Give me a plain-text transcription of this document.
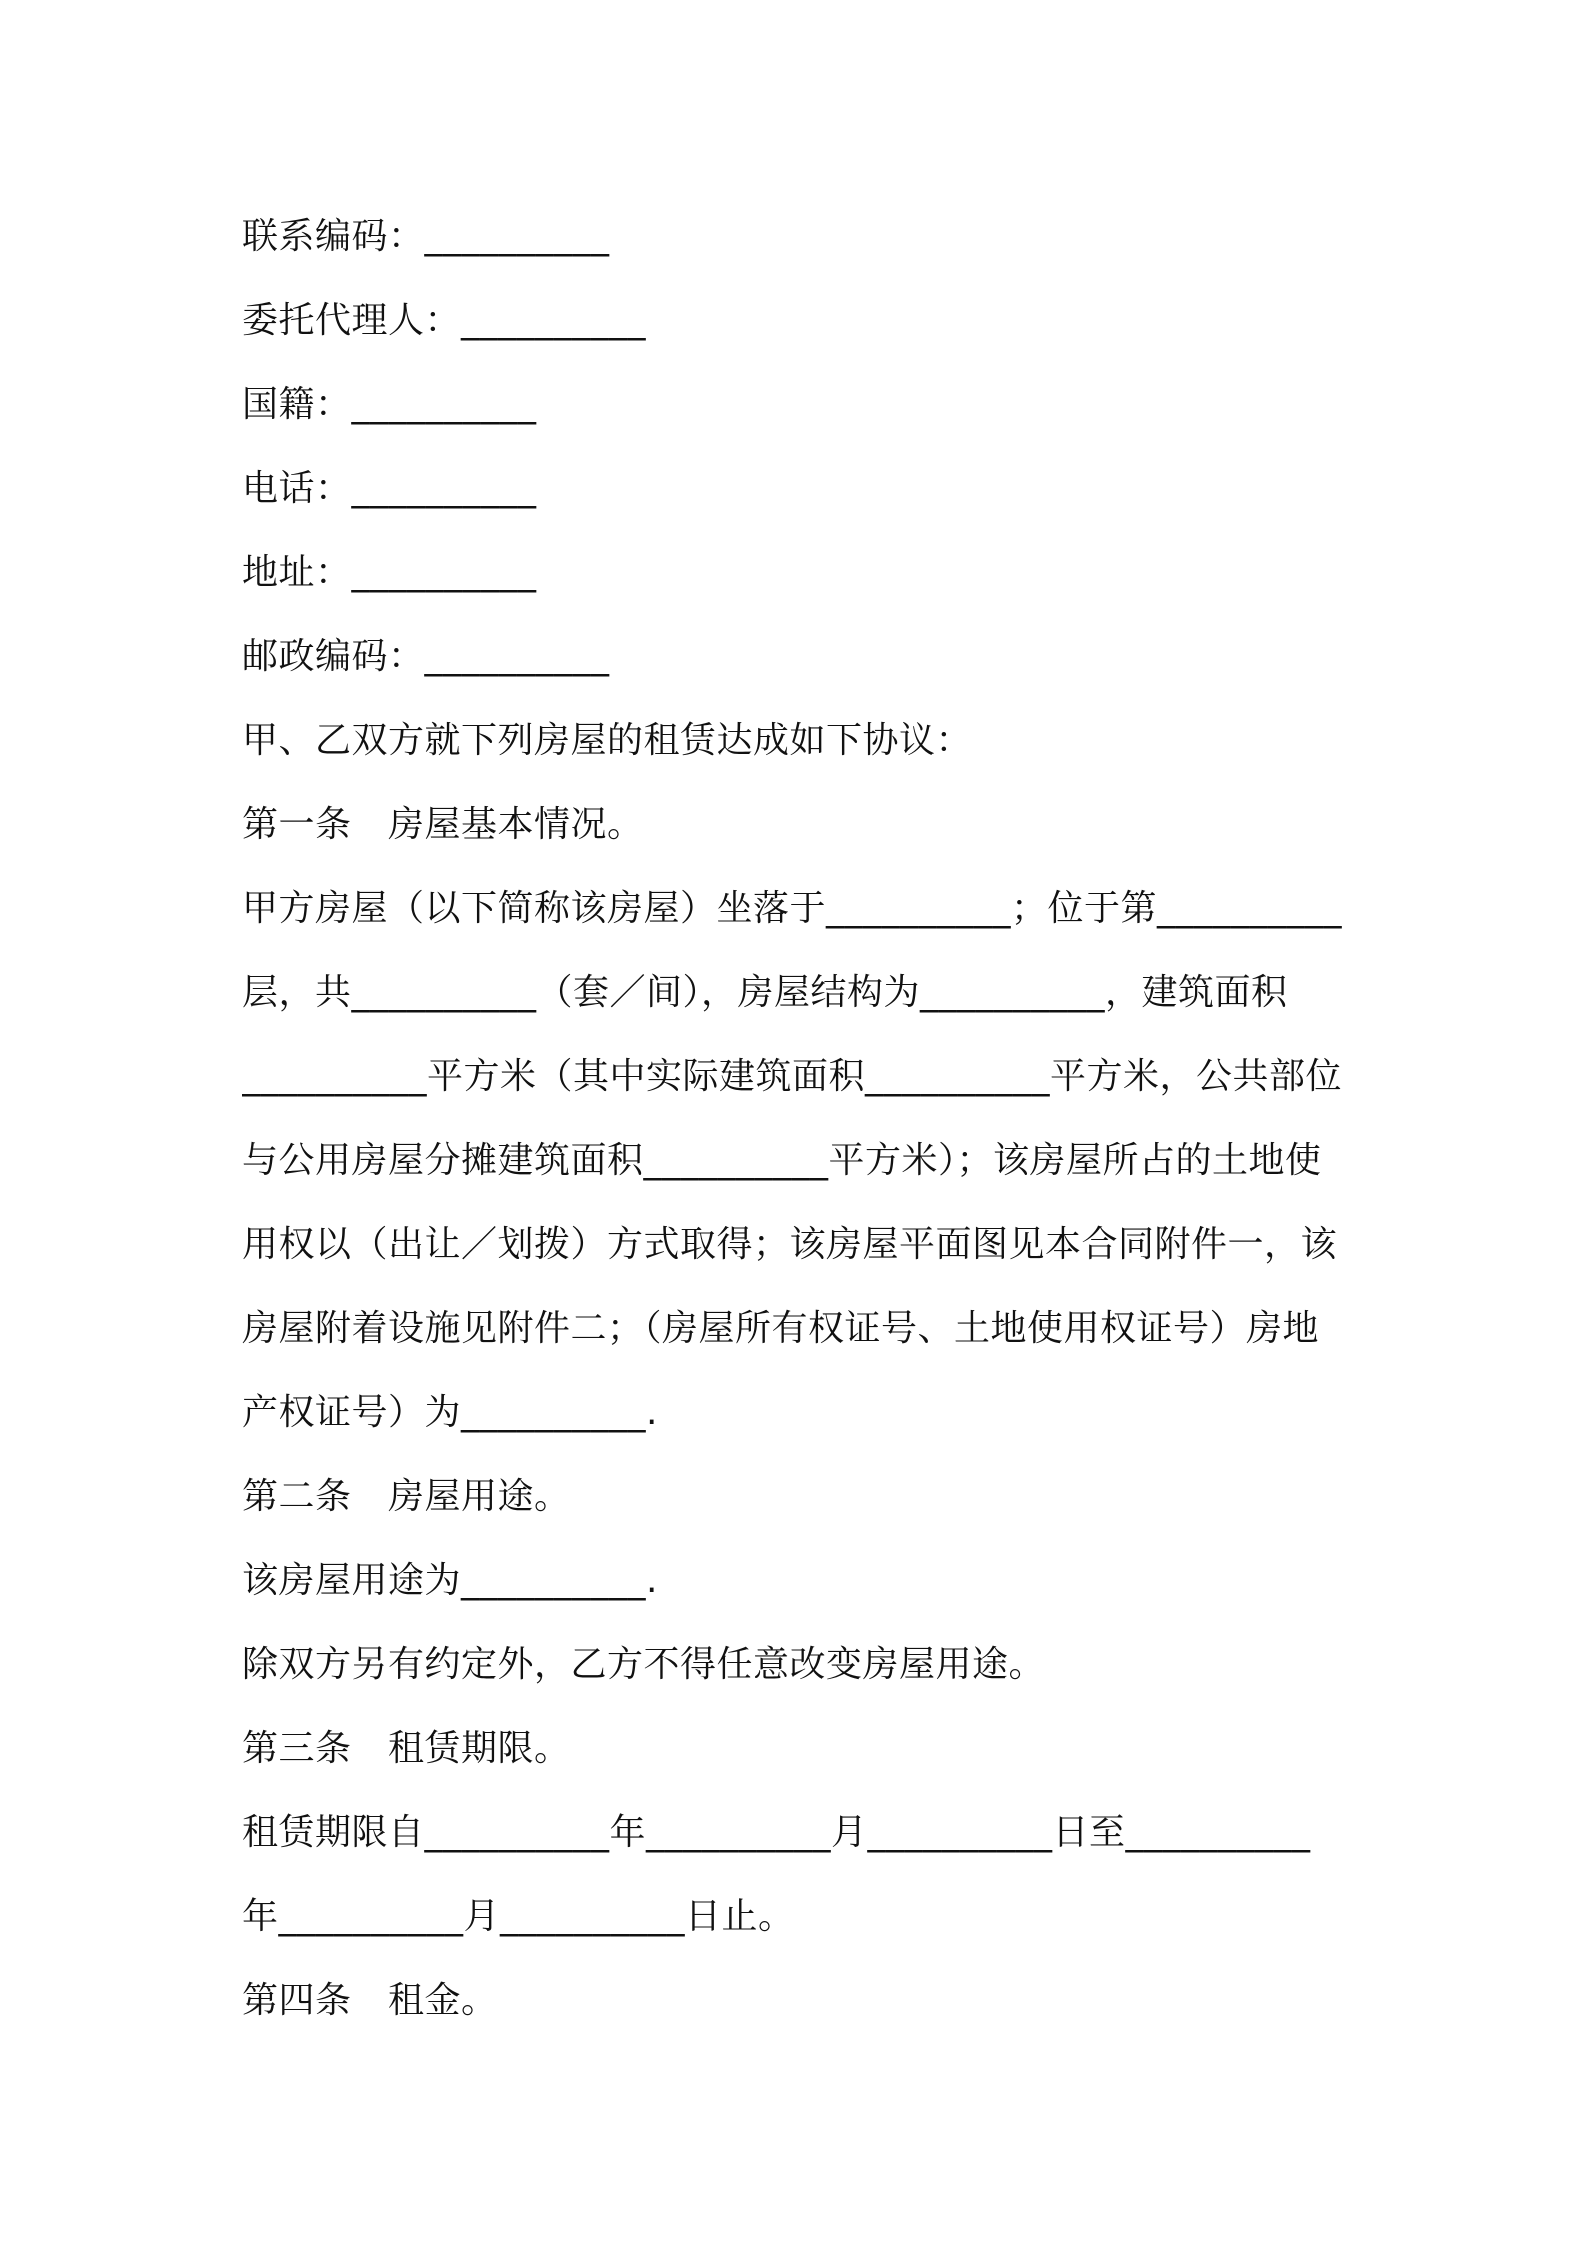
联系编码：__________
委托代理人：__________
国籍：__________
电话：__________
地址：__________
邮政编码：__________
甲、乙双方就下列房屋的租赁达成如下协议：
第一条　房屋基本情况。
甲方房屋（以下简称该房屋）坐落于__________；位于第__________
层，共__________（套／间），房屋结构为__________，建筑面积
__________平方米（其中实际建筑面积__________平方米，公共部位
与公用房屋分摊建筑面积__________平方米）；该房屋所占的土地使
用权以（出让／划拨）方式取得；该房屋平面图见本合同附件一，该
房屋附着设施见附件二；（房屋所有权证号、土地使用权证号）房地
产权证号）为__________.
第二条　房屋用途。
该房屋用途为__________.
除双方另有约定外，乙方不得任意改变房屋用途。
第三条　租赁期限。
租赁期限自__________年__________月__________日至__________
年__________月__________日止。
第四条　租金。
